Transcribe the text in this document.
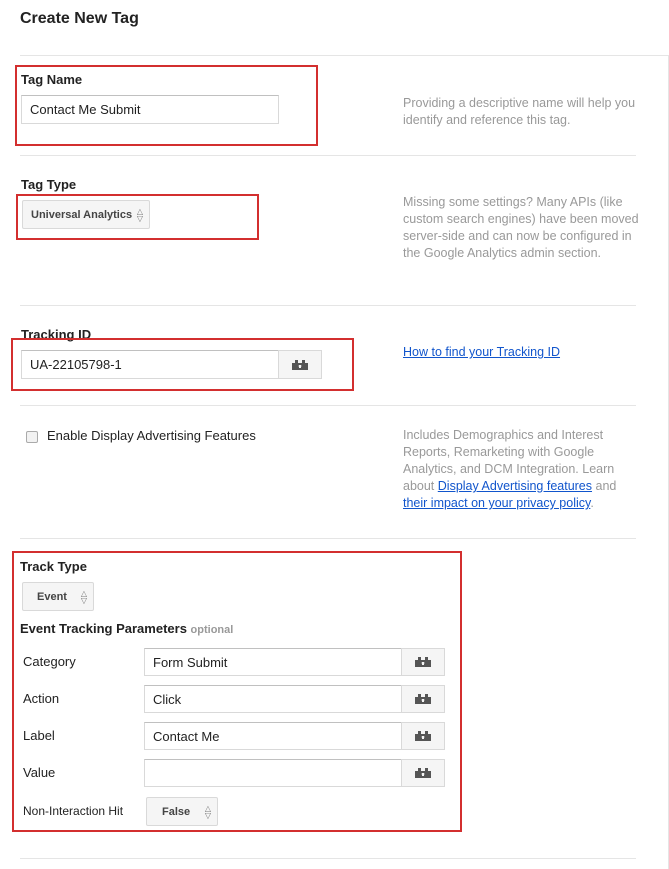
Create New Tag
Tag Name
Contact Me Submit	Providing a descriptive name will help you identify and reference this tag.
Tag Type
Universal Analytics △
▽
Missing some settings? Many APIs (like custom search engines) have been moved server-side and can now be configured in the Google Analytics admin section.
Tracking ID
UA-22105798-1
How to find your Tracking ID
Enable Display Advertising Features	Includes Demographics and Interest Reports, Remarketing with Google Analytics, and DCM Integration. Learn about Display Advertising features and their impact on your privacy policy.
Track Type
Event △
▽
Event Tracking Parameters optional
Category	Form Submit
Action	Click
Label	Contact Me
Value
Non-Interaction Hit	False △
▽
